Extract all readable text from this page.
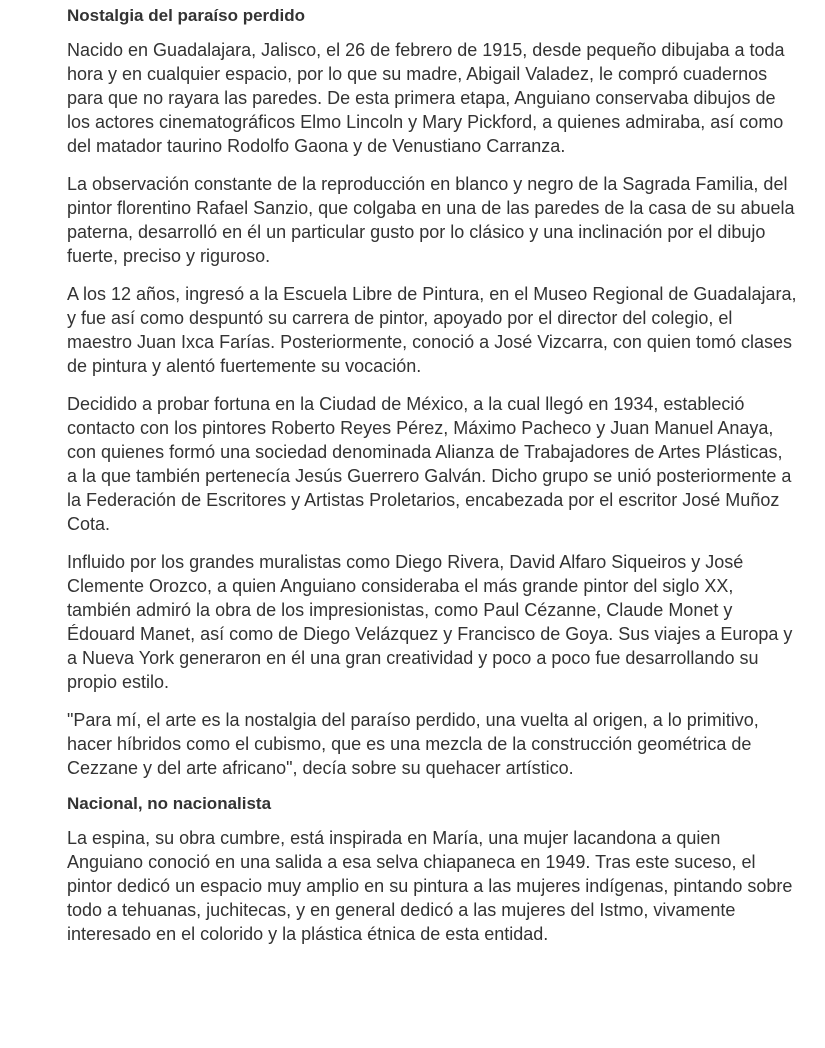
Nostalgia del paraíso perdido

Nacido en Guadalajara, Jalisco, el 26 de febrero de 1915, desde pequeño dibujaba a toda hora y en cualquier espacio, por lo que su madre, Abigail Valadez, le compró cuadernos para que no rayara las paredes. De esta primera etapa, Anguiano conservaba dibujos de los actores cinematográficos Elmo Lincoln y Mary Pickford, a quienes admiraba, así como del matador taurino Rodolfo Gaona y de Venustiano Carranza.

La observación constante de la reproducción en blanco y negro de la Sagrada Familia, del pintor florentino Rafael Sanzio, que colgaba en una de las paredes de la casa de su abuela paterna, desarrolló en él un particular gusto por lo clásico y una inclinación por el dibujo fuerte, preciso y riguroso.

A los 12 años, ingresó a la Escuela Libre de Pintura, en el Museo Regional de Guadalajara, y fue así como despuntó su carrera de pintor, apoyado por el director del colegio, el maestro Juan Ixca Farías. Posteriormente, conoció a José Vizcarra, con quien tomó clases de pintura y alentó fuertemente su vocación.

Decidido a probar fortuna en la Ciudad de México, a la cual llegó en 1934, estableció contacto con los pintores Roberto Reyes Pérez, Máximo Pacheco y Juan Manuel Anaya, con quienes formó una sociedad denominada Alianza de Trabajadores de Artes Plásticas, a la que también pertenecía Jesús Guerrero Galván. Dicho grupo se unió posteriormente a la Federación de Escritores y Artistas Proletarios, encabezada por el escritor José Muñoz Cota.

Influido por los grandes muralistas como Diego Rivera, David Alfaro Siqueiros y José Clemente Orozco, a quien Anguiano consideraba el más grande pintor del siglo XX, también admiró la obra de los impresionistas, como Paul Cézanne, Claude Monet y Édouard Manet, así como de Diego Velázquez y Francisco de Goya. Sus viajes a Europa y a Nueva York generaron en él una gran creatividad y poco a poco fue desarrollando su propio estilo.

"Para mí, el arte es la nostalgia del paraíso perdido, una vuelta al origen, a lo primitivo, hacer híbridos como el cubismo, que es una mezcla de la construcción geométrica de Cezzane y del arte africano", decía sobre su quehacer artístico.

Nacional, no nacionalista

La espina, su obra cumbre, está inspirada en María, una mujer lacandona a quien Anguiano conoció en una salida a esa selva chiapaneca en 1949. Tras este suceso, el pintor dedicó un espacio muy amplio en su pintura a las mujeres indígenas, pintando sobre todo a tehuanas, juchitecas, y en general dedicó a las mujeres del Istmo, vivamente interesado en el colorido y la plástica étnica de esta entidad.
